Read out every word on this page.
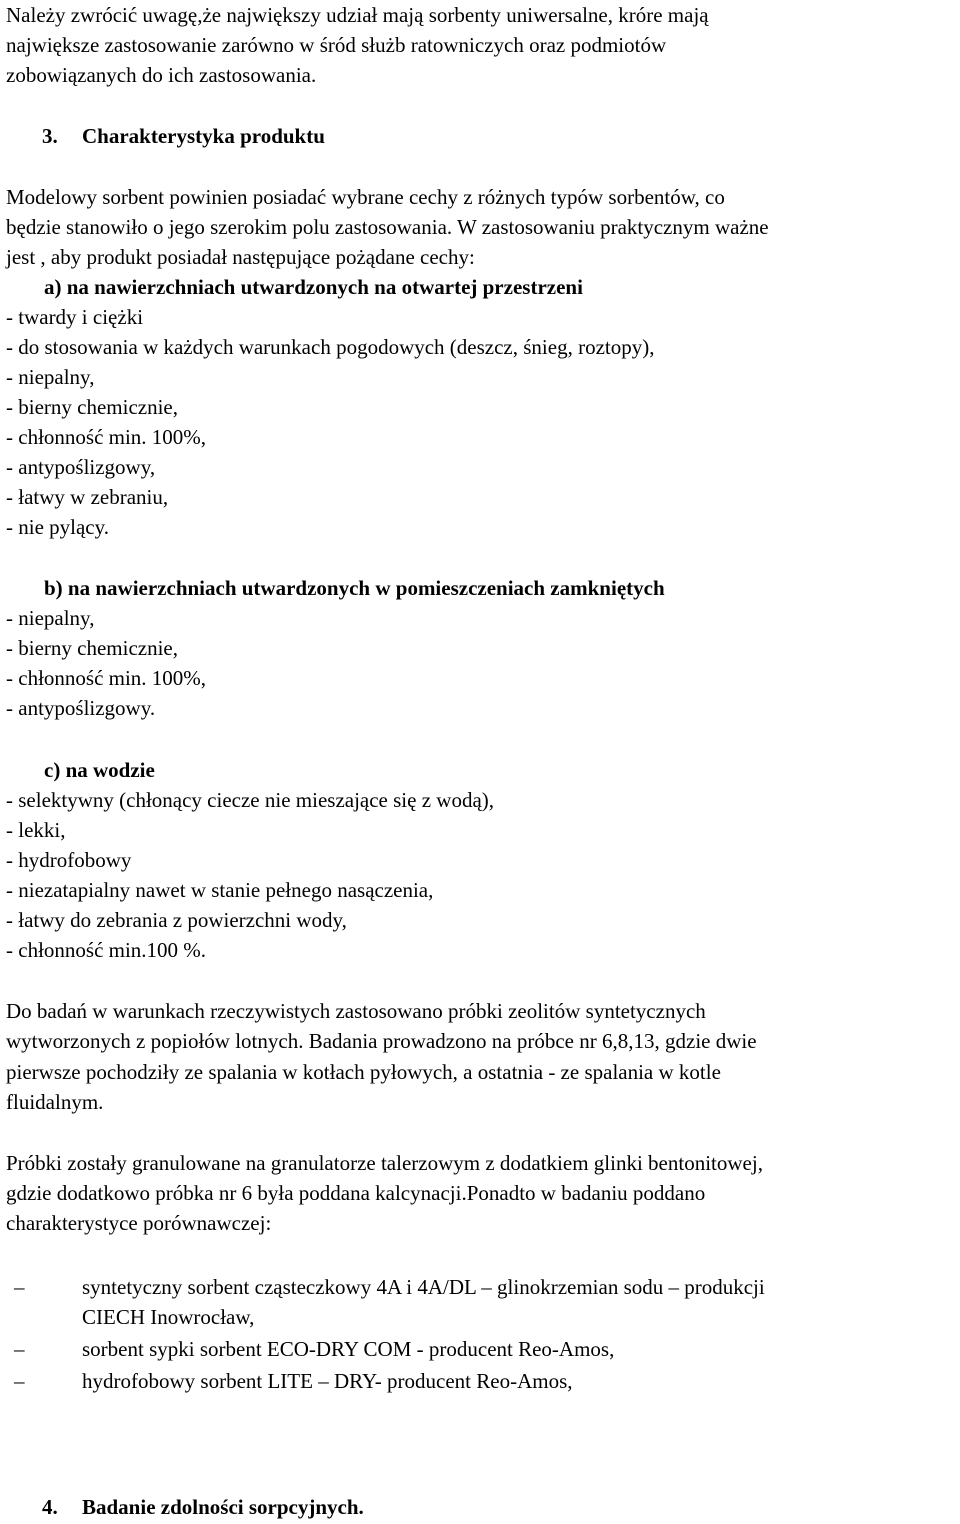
Należy zwrócić uwagę,że największy udział mają sorbenty uniwersalne, króre mają
największe zastosowanie zarówno w śród służb ratowniczych oraz podmiotów
zobowiązanych do ich zastosowania.
3. Charakterystyka produktu
Modelowy sorbent powinien posiadać wybrane cechy z różnych typów sorbentów, co
będzie stanowiło o jego szerokim polu zastosowania. W zastosowaniu praktycznym ważne
jest , aby produkt posiadał następujące pożądane cechy:
a) na nawierzchniach utwardzonych na otwartej przestrzeni
- twardy i ciężki
- do stosowania w każdych warunkach pogodowych (deszcz, śnieg, roztopy),
- niepalny,
- bierny chemicznie,
- chłonność min. 100%,
- antypoślizgowy,
- łatwy w zebraniu,
- nie pylący.
b) na nawierzchniach utwardzonych w pomieszczeniach zamkniętych
- niepalny,
- bierny chemicznie,
- chłonność min. 100%,
- antypoślizgowy.
c) na wodzie
- selektywny (chłonący ciecze nie mieszające się z wodą),
- lekki,
- hydrofobowy
- niezatapialny nawet w stanie pełnego nasączenia,
- łatwy do zebrania z powierzchni wody,
- chłonność min.100 %.
Do badań w warunkach rzeczywistych zastosowano próbki zeolitów syntetycznych
wytworzonych z popiołów lotnych. Badania prowadzono na próbce nr 6,8,13, gdzie dwie
pierwsze pochodziły ze spalania w kotłach pyłowych, a ostatnia - ze spalania w kotle
fluidalnym.
Próbki zostały granulowane na granulatorze talerzowym z dodatkiem glinki bentonitowej,
gdzie dodatkowo próbka nr 6 była poddana kalcynacji.Ponadto w badaniu poddano
charakterystyce porównawczej:
–	syntetyczny sorbent cząsteczkowy 4A i 4A/DL – glinokrzemian sodu – produkcji
CIECH Inowrocław,
–	sorbent sypki sorbent ECO-DRY COM - producent Reo-Amos,
–	hydrofobowy sorbent LITE – DRY- producent Reo-Amos,
4. Badanie zdolności sorpcyjnych.
